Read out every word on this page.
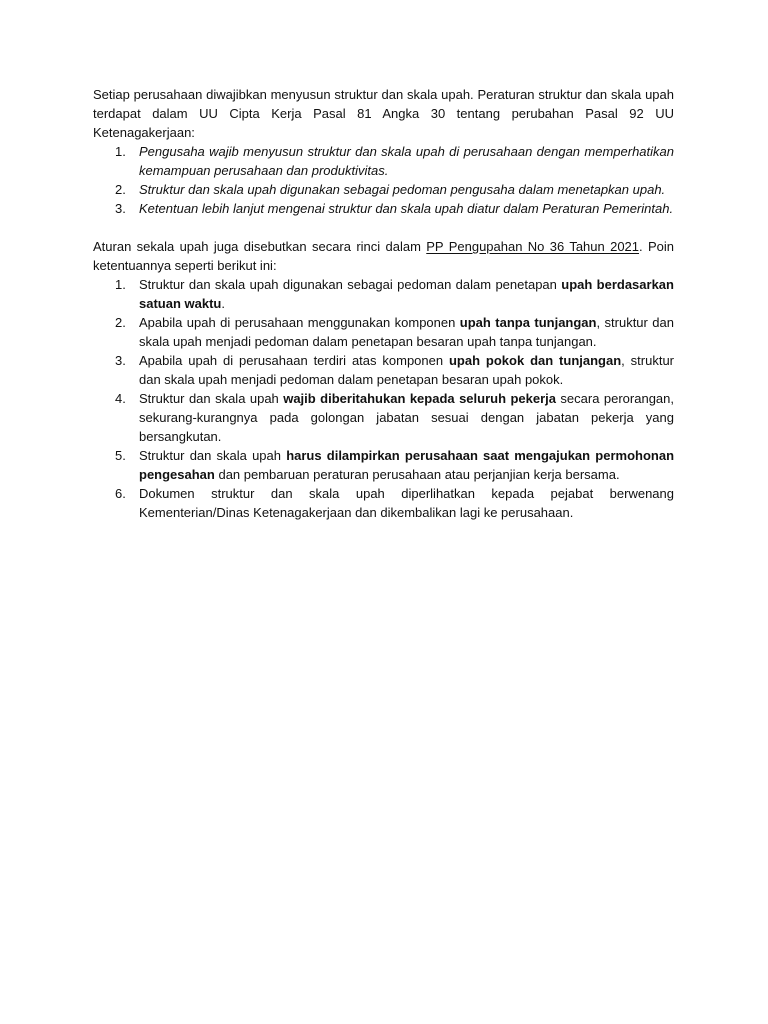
Setiap perusahaan diwajibkan menyusun struktur dan skala upah. Peraturan struktur dan skala upah terdapat dalam UU Cipta Kerja Pasal 81 Angka 30 tentang perubahan Pasal 92 UU Ketenagakerjaan:

1. Pengusaha wajib menyusun struktur dan skala upah di perusahaan dengan memperhatikan kemampuan perusahaan dan produktivitas.
2. Struktur dan skala upah digunakan sebagai pedoman pengusaha dalam menetapkan upah.
3. Ketentuan lebih lanjut mengenai struktur dan skala upah diatur dalam Peraturan Pemerintah.

Aturan sekala upah juga disebutkan secara rinci dalam PP Pengupahan No 36 Tahun 2021. Poin ketentuannya seperti berikut ini:

1. Struktur dan skala upah digunakan sebagai pedoman dalam penetapan upah berdasarkan satuan waktu.
2. Apabila upah di perusahaan menggunakan komponen upah tanpa tunjangan, struktur dan skala upah menjadi pedoman dalam penetapan besaran upah tanpa tunjangan.
3. Apabila upah di perusahaan terdiri atas komponen upah pokok dan tunjangan, struktur dan skala upah menjadi pedoman dalam penetapan besaran upah pokok.
4. Struktur dan skala upah wajib diberitahukan kepada seluruh pekerja secara perorangan, sekurang-kurangnya pada golongan jabatan sesuai dengan jabatan pekerja yang bersangkutan.
5. Struktur dan skala upah harus dilampirkan perusahaan saat mengajukan permohonan pengesahan dan pembaruan peraturan perusahaan atau perjanjian kerja bersama.
6. Dokumen struktur dan skala upah diperlihatkan kepada pejabat berwenang Kementerian/Dinas Ketenagakerjaan dan dikembalikan lagi ke perusahaan.
